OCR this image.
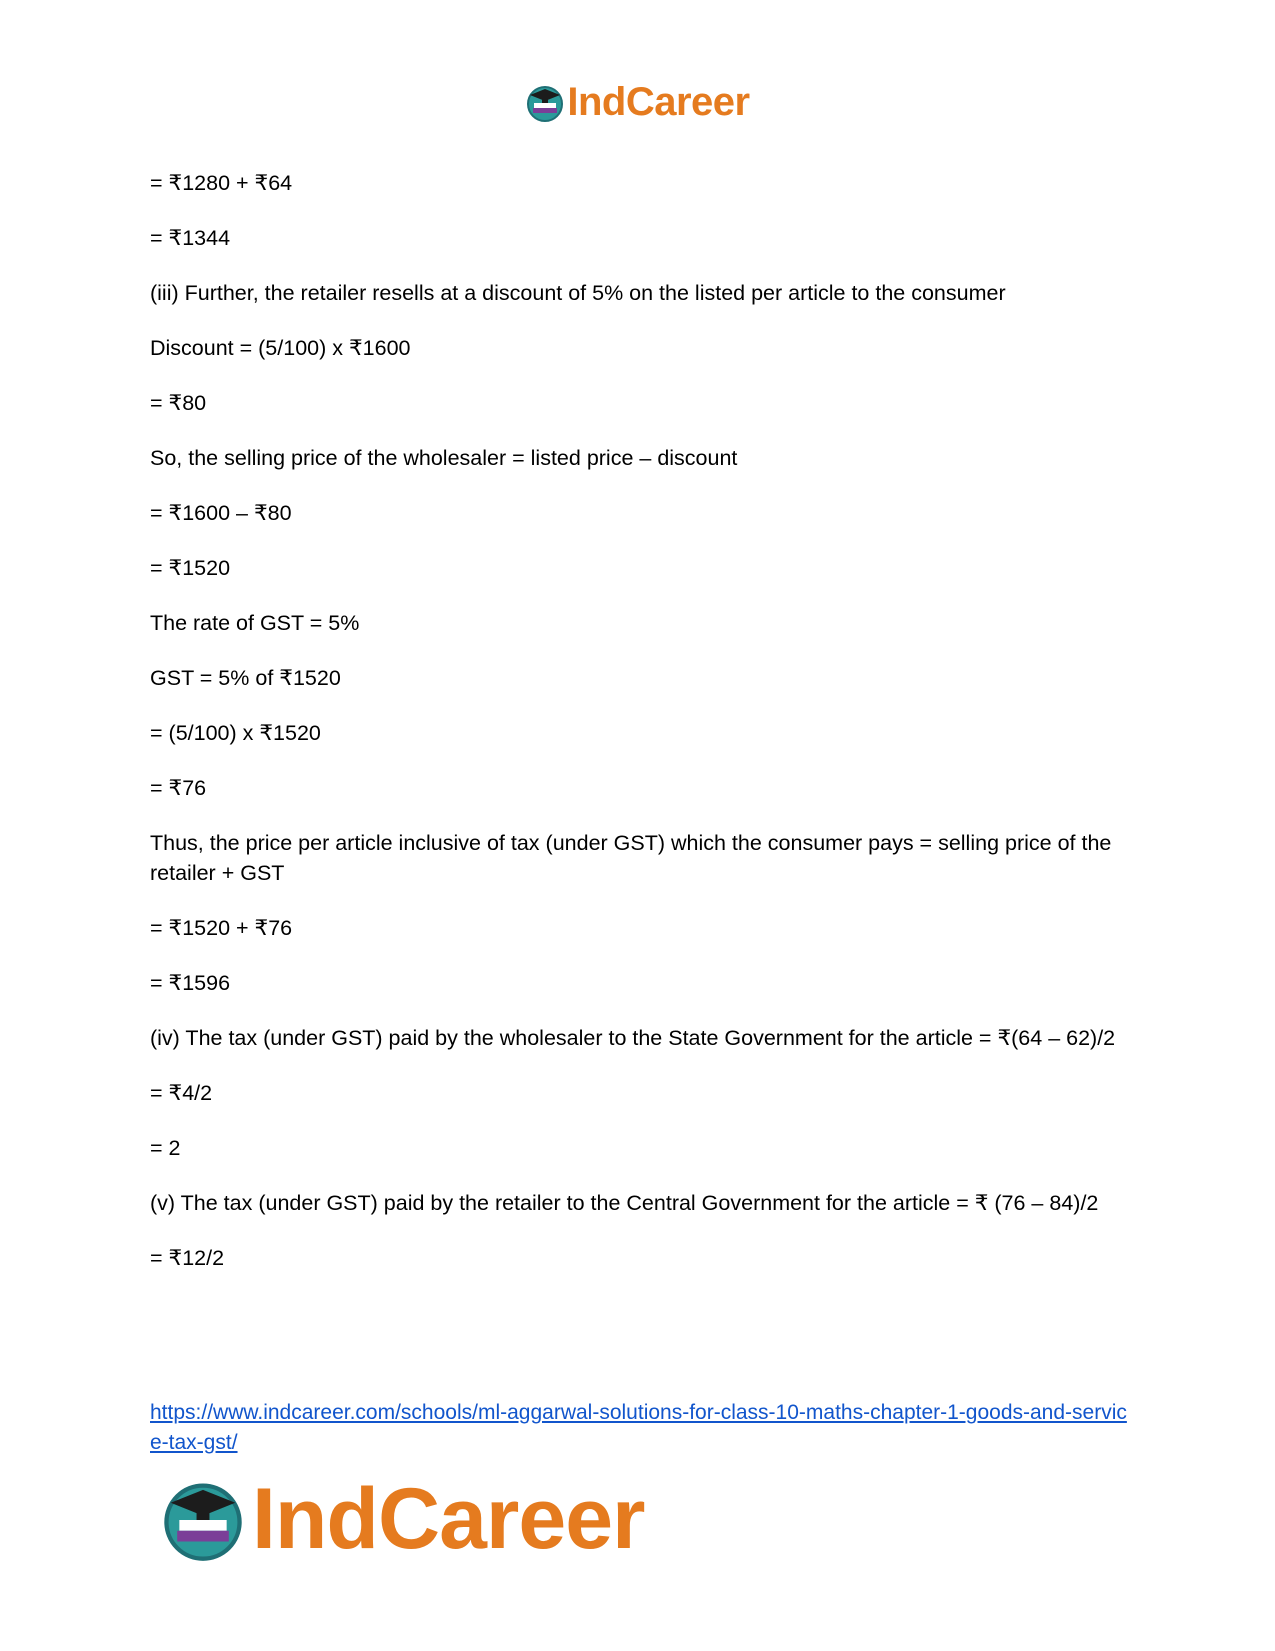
IndCareer

= ₹1280 + ₹64

= ₹1344

(iii) Further, the retailer resells at a discount of 5% on the listed per article to the consumer

Discount = (5/100) x ₹1600

= ₹80

So, the selling price of the wholesaler = listed price – discount

= ₹1600 – ₹80

= ₹1520

The rate of GST = 5%

GST = 5% of ₹1520

= (5/100) x ₹1520

= ₹76

Thus, the price per article inclusive of tax (under GST) which the consumer pays = selling price of the retailer + GST

= ₹1520 + ₹76

= ₹1596

(iv) The tax (under GST) paid by the wholesaler to the State Government for the article = ₹(64 – 62)/2

= ₹4/2

= 2

(v) The tax (under GST) paid by the retailer to the Central Government for the article = ₹ (76 – 84)/2

= ₹12/2

https://www.indcareer.com/schools/ml-aggarwal-solutions-for-class-10-maths-chapter-1-goods-and-service-tax-gst/
IndCareer
